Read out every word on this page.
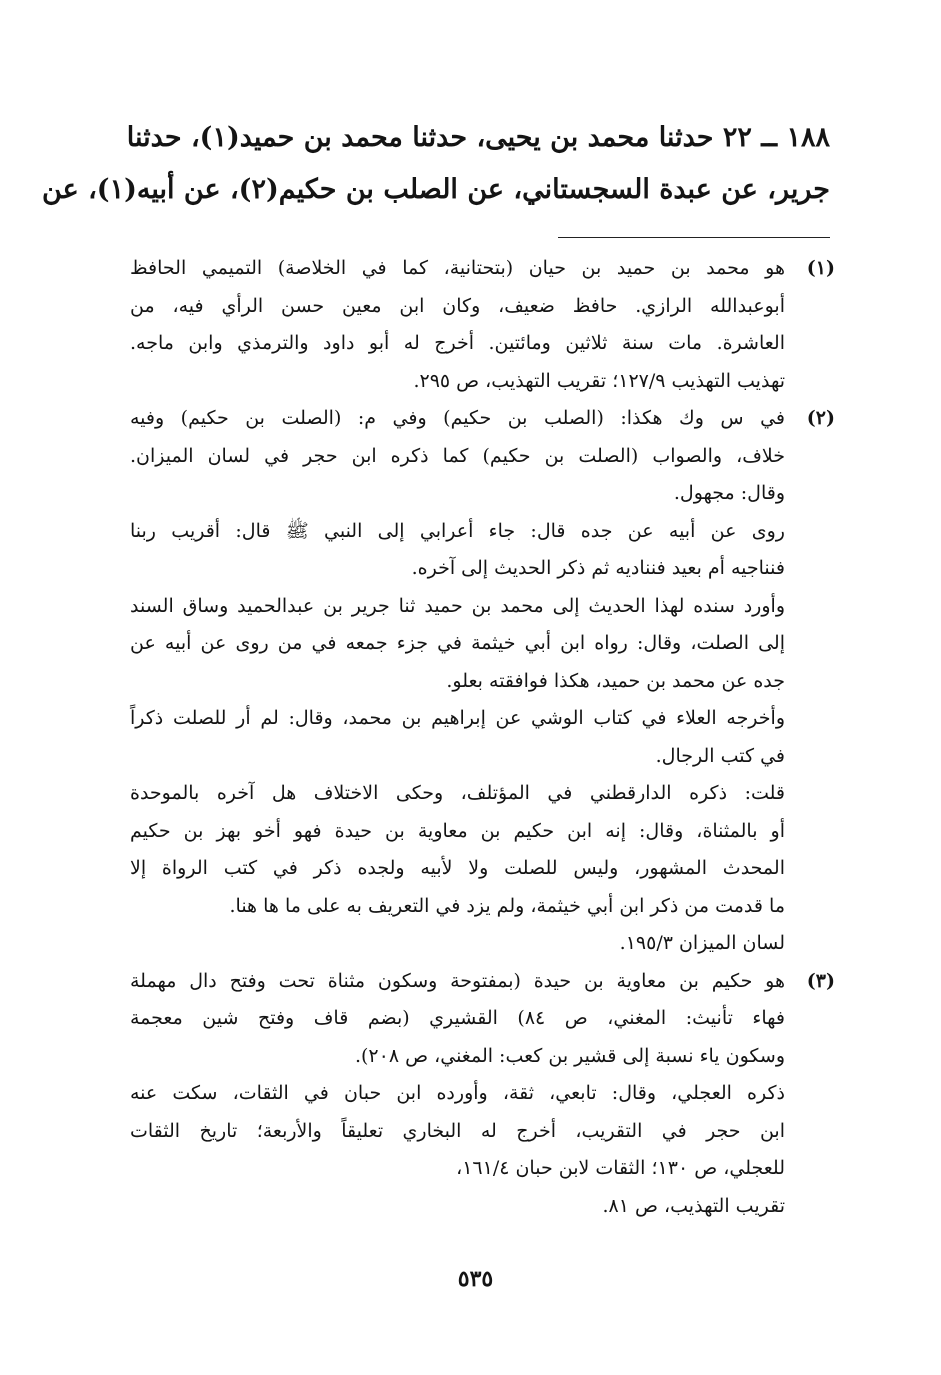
١٨٨ ــ ٢٢ حدثنا محمد بن يحيى، حدثنا محمد بن حميد(١)، حدثنا
جرير، عن عبدة السجستاني، عن الصلب بن حكيم(٢)، عن أبيه(١)، عن
(١)
هو محمد بن حميد بن حيان (بتحتانية، كما في الخلاصة) التميمي الحافظ
أبوعبدالله الرازي. حافظ ضعيف، وكان ابن معين حسن الرأي فيه، من
العاشرة. مات سنة ثلاثين ومائتين. أخرج له أبو داود والترمذي وابن ماجه.
تهذيب التهذيب ١٢٧/٩؛ تقريب التهذيب، ص ٢٩٥.
(٢)
في س وك هكذا: (الصلب بن حكيم) وفي م: (الصلت بن حكيم) وفيه
خلاف، والصواب (الصلت بن حكيم) كما ذكره ابن حجر في لسان الميزان.
وقال: مجهول.
روى عن أبيه عن جده قال: جاء أعرابي إلى النبي ﷺ قال: أقريب ربنا
فنناجيه أم بعيد فنناديه ثم ذكر الحديث إلى آخره.
وأورد سنده لهذا الحديث إلى محمد بن حميد ثنا جرير بن عبدالحميد وساق السند
إلى الصلت، وقال: رواه ابن أبي خيثمة في جزء جمعه في من روى عن أبيه عن
جده عن محمد بن حميد، هكذا فوافقته بعلو.
وأخرجه العلاء في كتاب الوشي عن إبراهيم بن محمد، وقال: لم أر للصلت ذكراً
في كتب الرجال.
قلت: ذكره الدارقطني في المؤتلف، وحكى الاختلاف هل آخره بالموحدة
أو بالمثناة، وقال: إنه ابن حكيم بن معاوية بن حيدة فهو أخو بهز بن حكيم
المحدث المشهور، وليس للصلت ولا لأبيه ولجده ذكر في كتب الرواة إلا
ما قدمت من ذكر ابن أبي خيثمة، ولم يزد في التعريف به على ما ها هنا.
لسان الميزان ١٩٥/٣.
(٣)
هو حكيم بن معاوية بن حيدة (بمفتوحة وسكون مثناة تحت وفتح دال مهملة
فهاء تأنيث: المغني، ص ٨٤) القشيري (بضم قاف وفتح شين معجمة
وسكون ياء نسبة إلى قشير بن كعب: المغني، ص ٢٠٨).
ذكره العجلي، وقال: تابعي، ثقة، وأورده ابن حبان في الثقات، سكت عنه
ابن حجر في التقريب، أخرج له البخاري تعليقاً والأربعة؛ تاريخ الثقات
للعجلي، ص ١٣٠؛ الثقات لابن حبان ١٦١/٤،
تقريب التهذيب، ص ٨١.
٥٣٥
